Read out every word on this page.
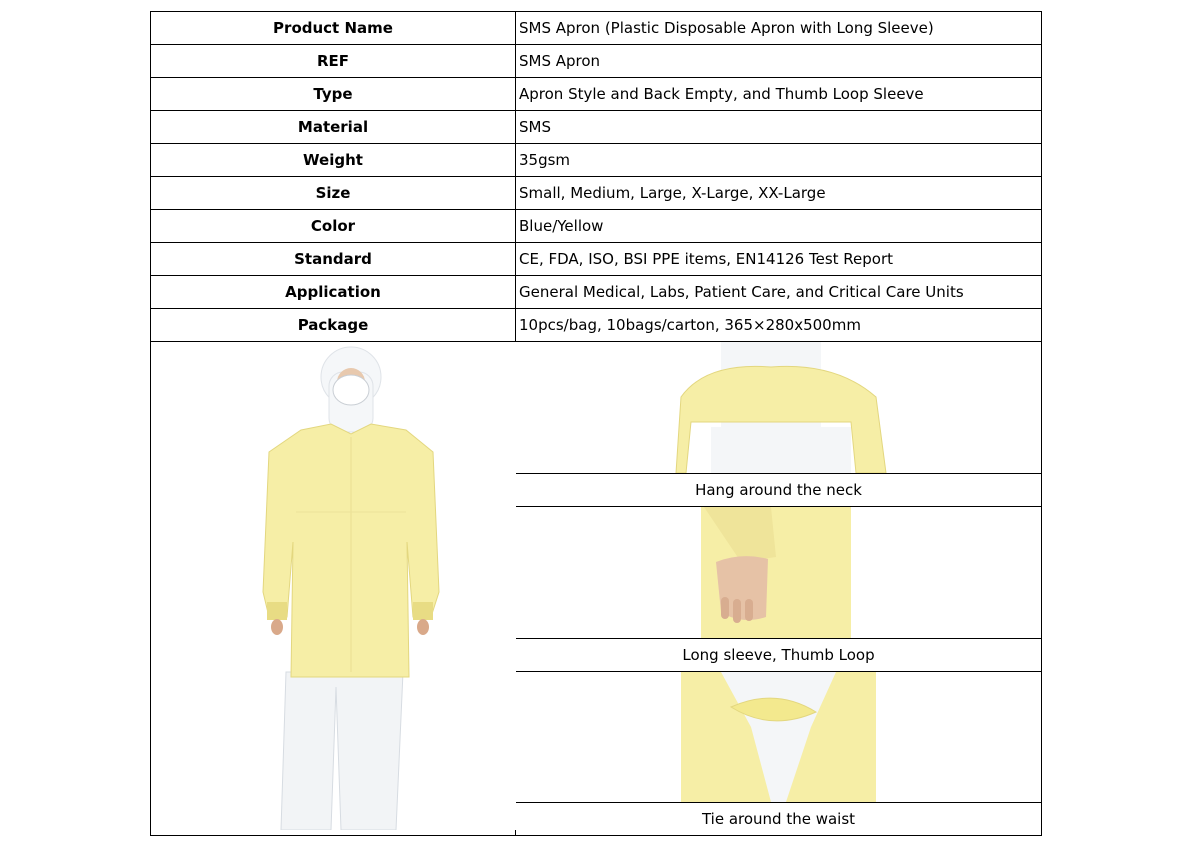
Product Name	SMS Apron (Plastic Disposable Apron with Long Sleeve)
REF	SMS Apron
Type	Apron Style and Back Empty, and Thumb Loop Sleeve
Material	SMS
Weight	35gsm
Size	Small, Medium, Large, X-Large, XX-Large
Color	Blue/Yellow
Standard	CE, FDA, ISO, BSI PPE items, EN14126 Test Report
Application	General Medical, Labs, Patient Care, and Critical Care Units
Package	10pcs/bag, 10bags/carton, 365×280x500mm

	Hang around the neck

	Long sleeve, Thumb Loop

	Tie around the waist
